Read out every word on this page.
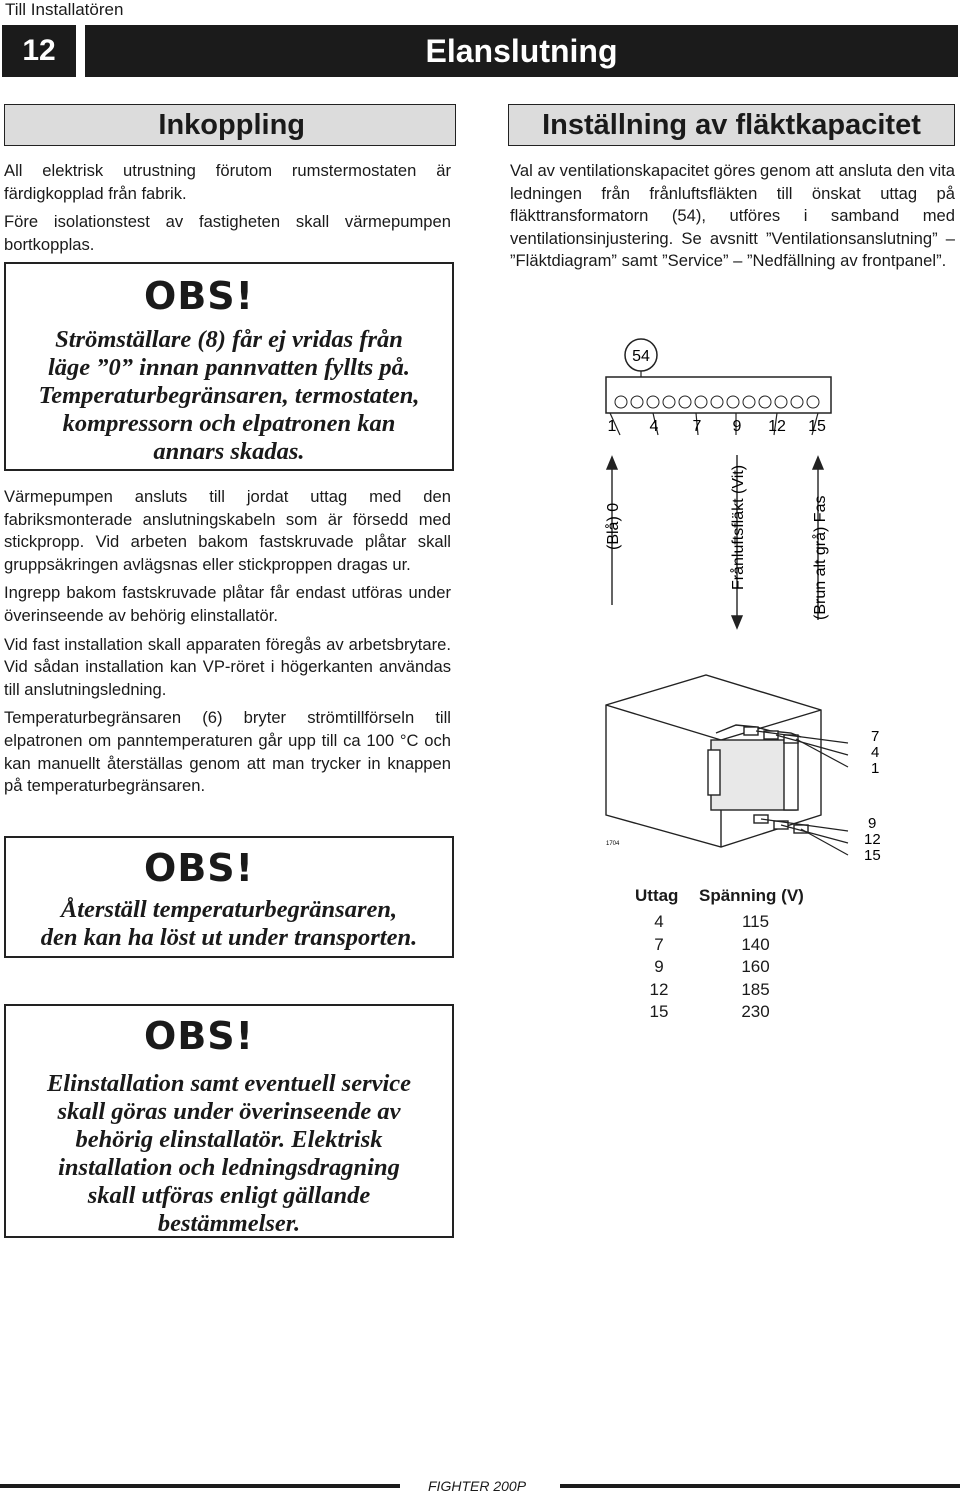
Till Installatören
12	Elanslutning
Inkoppling

All elektrisk utrustning förutom rumstermostaten är färdigkopplad från fabrik.

Före isolationstest av fastigheten skall värmepumpen bortkopplas.

OBS!
Strömställare (8) får ej vridas från
läge ”0” innan pannvatten fyllts på.
Temperaturbegränsaren, termostaten,
kompressorn och elpatronen kan
annars skadas.

Värmepumpen ansluts till jordat uttag med den fabriksmonterade anslutningskabeln som är försedd med stickpropp. Vid arbeten bakom fastskruvade plåtar skall gruppsäkringen avlägsnas eller stickproppen dragas ur.

Ingrepp bakom fastskruvade plåtar får endast utföras under överinseende av behörig elinstallatör.

Vid fast installation skall apparaten föregås av arbetsbrytare. Vid sådan installation kan VP-röret i högerkanten användas till anslutningsledning.

Temperaturbegränsaren (6) bryter strömtillförseln till elpatronen om panntemperaturen går upp till ca 100 °C och kan manuellt återställas genom att man trycker in knappen på temperaturbegränsaren.

OBS!
Återställ temperaturbegränsaren,
den kan ha löst ut under transporten.
OBS!
Elinstallation samt eventuell service
skall göras under överinseende av
behörig elinstallatör. Elektrisk
installation och ledningsdragning
skall utföras enligt gällande
bestämmelser.
Inställning av fläktkapacitet

Val av ventilationskapacitet göres genom att ansluta den vita ledningen från frånluftsfläkten till önskat uttag på fläkttransformatorn (54), utföres i samband med ventilationsinjustering. Se avsnitt ”Ventilationsanslutning” – ”Fläktdiagram” samt ”Service” – ”Nedfällning av frontpanel”.

54
1 4 7 9 12 15
(Blå) 0	Frånluftsfläkt (Vit)	(Brun alt grå) Fas
7
4
1
9
12
15
1704
Uttag	Spänning (V)
4	115
7	140
9	160
12	185
15	230
FIGHTER 200P
